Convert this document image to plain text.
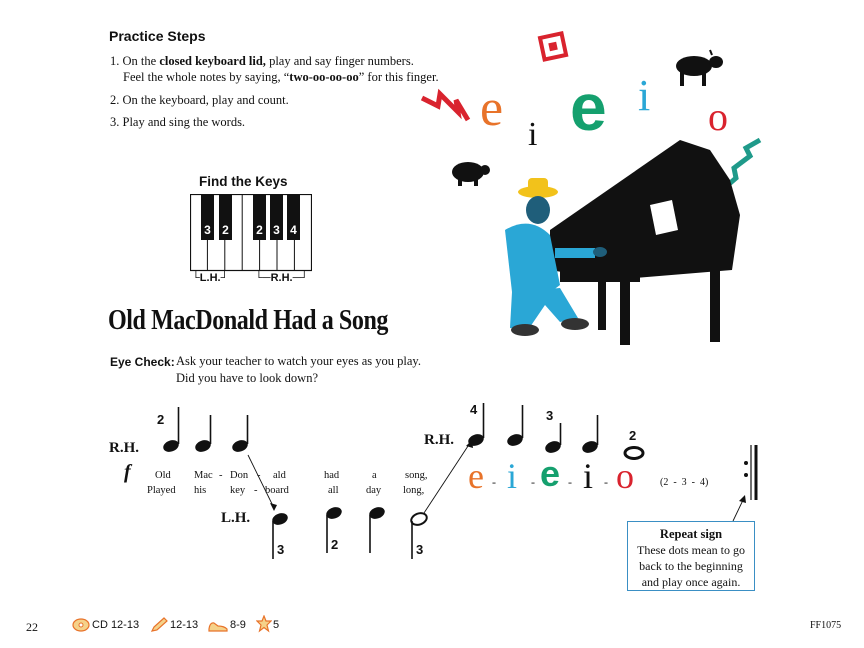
Practice Steps
1. On the closed keyboard lid, play and say finger numbers.
Feel the whole notes by saying, “two-oo-oo-oo” for this finger.
2. On the keyboard, play and count.
3. Play and sing the words.
Find the Keys
3 2 2 3 4
└L.H.┘ └─R.H.─┘
Old MacDonald Had a Song
Eye Check: Ask your teacher to watch your eyes as you play.
Did you have to look down?
e i e i o
R.H.	R.H.
L.H.
f
2
4	3
2
3	2	3
Old Mac - Don - ald	had	a	song,
Played his key - board	all	day long, e - i - e - i - o	(2  -  3  -  4)
Repeat sign
These dots mean to go
back to the beginning
and play once again.
22	CD 12-13	12-13	8-9 5	FF1075
